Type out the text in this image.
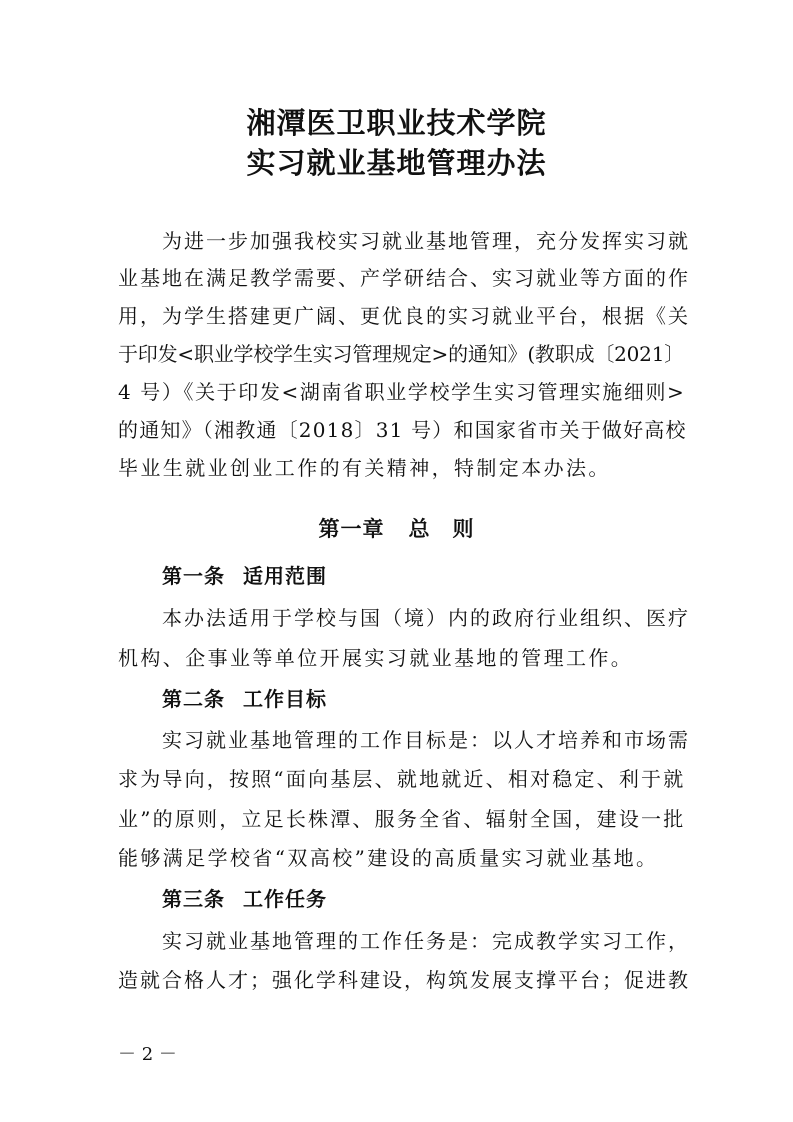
湘潭医卫职业技术学院
实习就业基地管理办法
为进一步加强我校实习就业基地管理，充分发挥实习就
业基地在满足教学需要、产学研结合、实习就业等方面的作
用，为学生搭建更广阔、更优良的实习就业平台，根据《关
于印发<职业学校学生实习管理规定>的通知》(教职成〔2021〕
4 号）《关于印发<湖南省职业学校学生实习管理实施细则>
的通知》（湘教通〔2018〕31 号）和国家省市关于做好高校
毕业生就业创业工作的有关精神，特制定本办法。
第一章 总　则
第一条 适用范围
本办法适用于学校与国（境）内的政府行业组织、医疗
机构、企事业等单位开展实习就业基地的管理工作。
第二条 工作目标
实习就业基地管理的工作目标是：以人才培养和市场需
求为导向，按照“面向基层、就地就近、相对稳定、利于就
业”的原则，立足长株潭、服务全省、辐射全国，建设一批
能够满足学校省“双高校”建设的高质量实习就业基地。
第三条 工作任务
实习就业基地管理的工作任务是：完成教学实习工作，
造就合格人才；强化学科建设，构筑发展支撑平台；促进教
－ 2 －
